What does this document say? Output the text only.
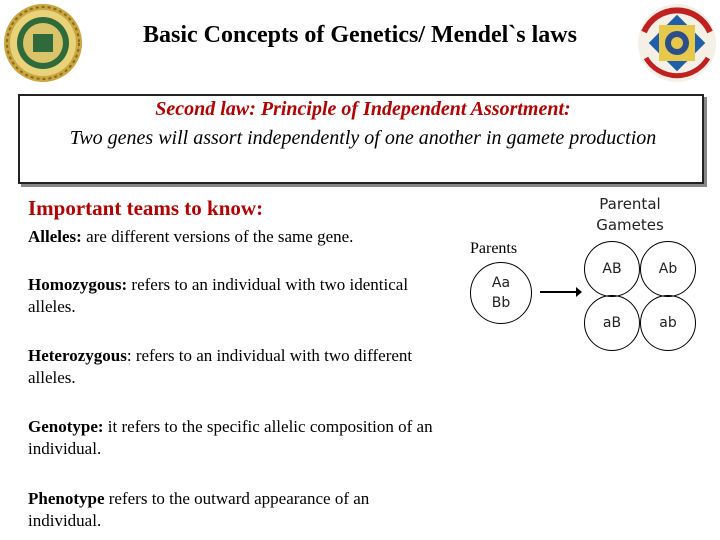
Basic Concepts of Genetics/ Mendel`s laws
Second law: Principle of Independent Assortment:
Two genes will assort independently of one another in gamete production
Important teams to know:
Alleles: are different versions of the same gene.
Homozygous: refers to an individual with two identical alleles.
Heterozygous: refers to an individual with two different alleles.
Genotype: it refers to the specific allelic composition of an individual.
Phenotype refers to the outward appearance of an individual.
Parental
Gametes
Parents
Aa
Bb
AB	Ab
aB	ab
